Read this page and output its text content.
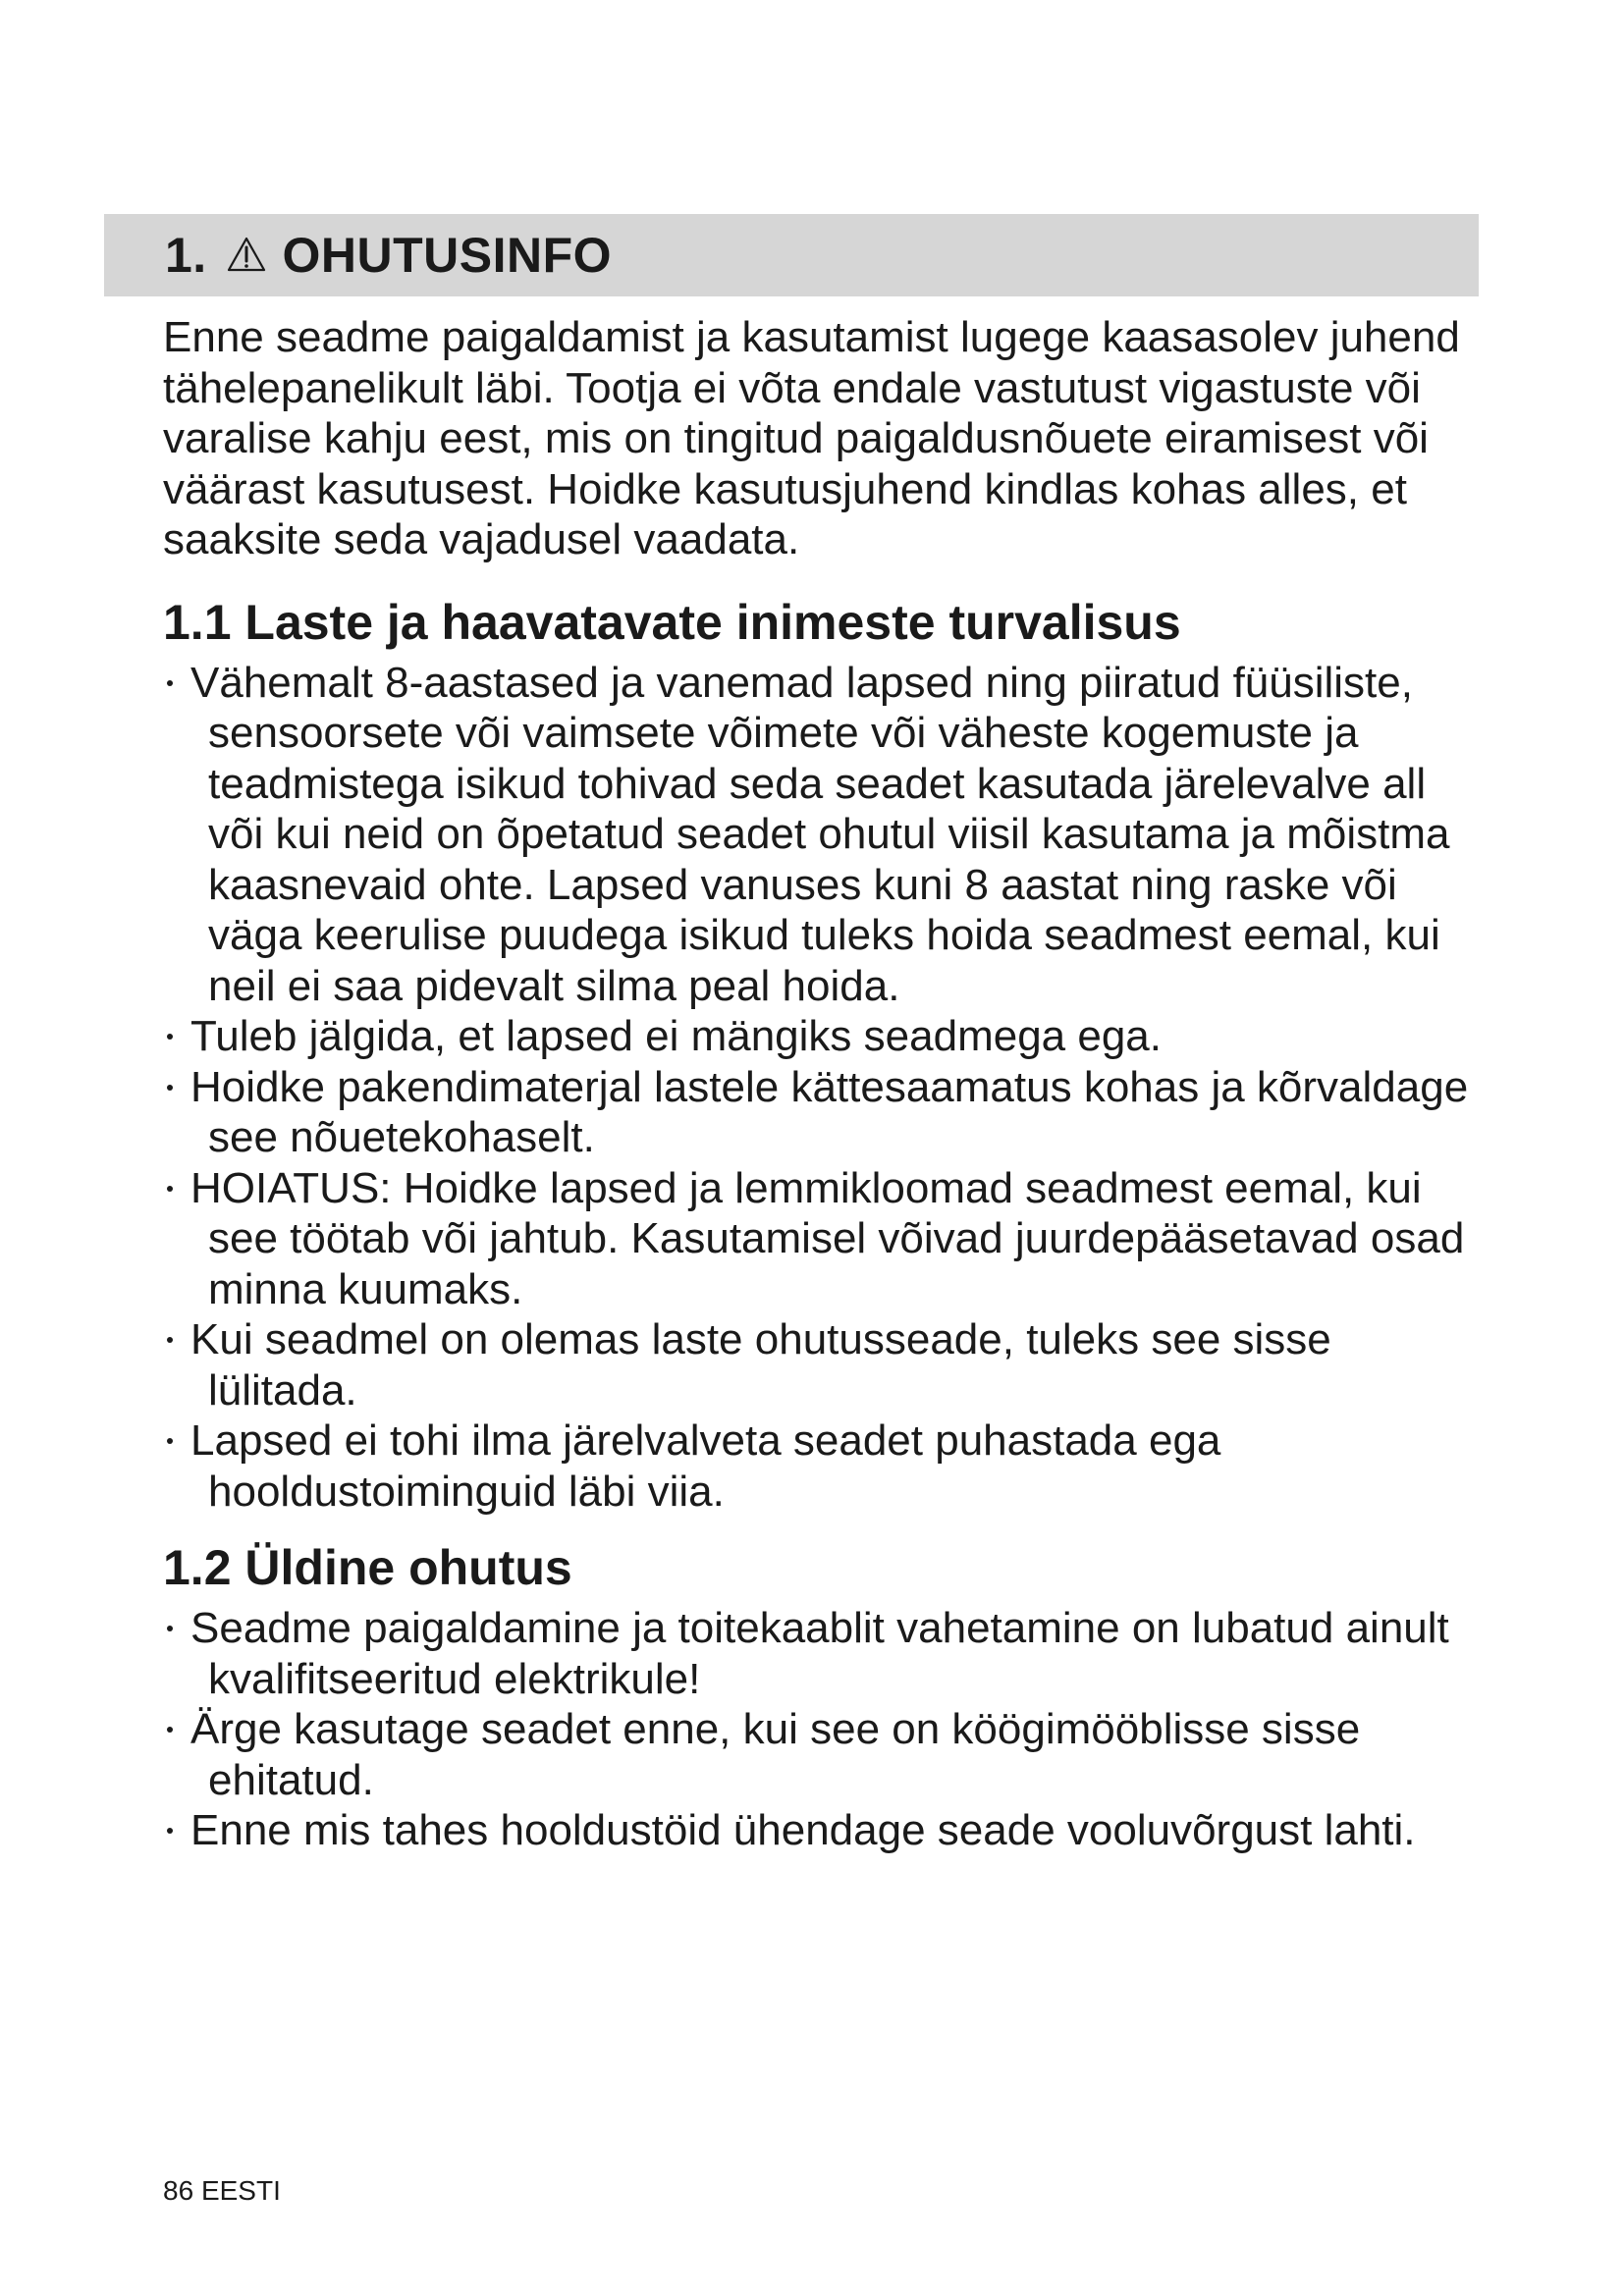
1. OHUTUSINFO

Enne seadme paigaldamist ja kasutamist lugege kaasasolev juhend tähelepanelikult läbi. Tootja ei võta endale vastutust vigastuste või varalise kahju eest, mis on tingitud paigaldusnõuete eiramisest või väärast kasutusest. Hoidke kasutusjuhend kindlas kohas alles, et saaksite seda vajadusel vaadata.

1.1 Laste ja haavatavate inimeste turvalisus
Vähemalt 8-aastased ja vanemad lapsed ning piiratud füüsiliste, sensoorsete või vaimsete võimete või väheste kogemuste ja teadmistega isikud tohivad seda seadet kasutada järelevalve all või kui neid on õpetatud seadet ohutul viisil kasutama ja mõistma kaasnevaid ohte. Lapsed vanuses kuni 8 aastat ning raske või väga keerulise puudega isikud tuleks hoida seadmest eemal, kui neil ei saa pidevalt silma peal hoida.
Tuleb jälgida, et lapsed ei mängiks seadmega ega.
Hoidke pakendimaterjal lastele kättesaamatus kohas ja kõrvaldage see nõuetekohaselt.
HOIATUS: Hoidke lapsed ja lemmikloomad seadmest eemal, kui see töötab või jahtub. Kasutamisel võivad juurdepääsetavad osad minna kuumaks.
Kui seadmel on olemas laste ohutusseade, tuleks see sisse lülitada.
Lapsed ei tohi ilma järelvalveta seadet puhastada ega hooldustoiminguid läbi viia.
1.2 Üldine ohutus
Seadme paigaldamine ja toitekaablit vahetamine on lubatud ainult kvalifitseeritud elektrikule!
Ärge kasutage seadet enne, kui see on köögimööblisse sisse ehitatud.
Enne mis tahes hooldustöid ühendage seade vooluvõrgust lahti.
86 EESTI
